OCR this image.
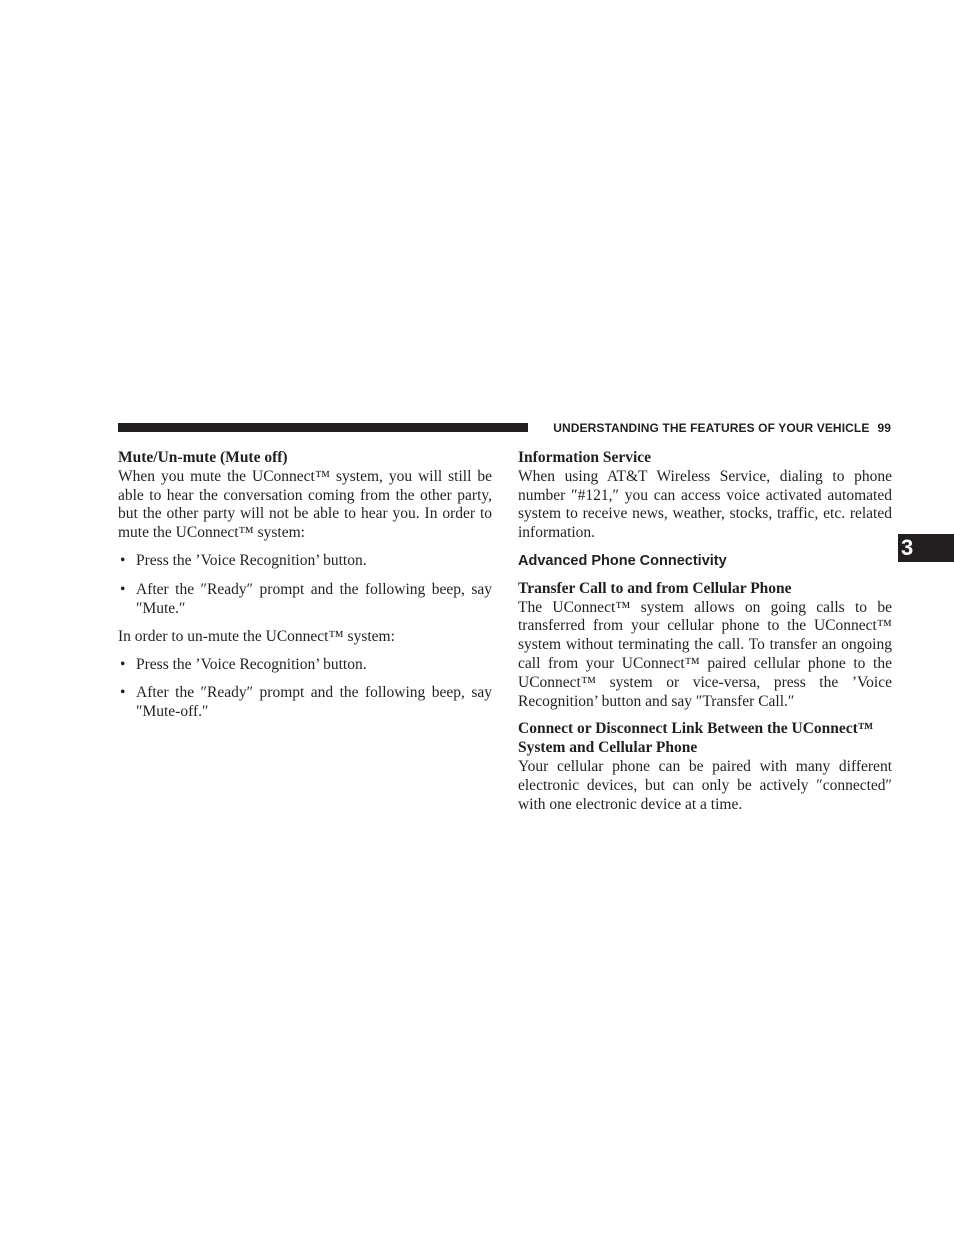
UNDERSTANDING THE FEATURES OF YOUR VEHICLE 99
3

Mute/Un-mute (Mute off)

When you mute the UConnect™ system, you will still be able to hear the conversation coming from the other party, but the other party will not be able to hear you. In order to mute the UConnect™ system:

• Press the ’Voice Recognition’ button.
• After the ″Ready″ prompt and the following beep, say ″Mute.″

In order to un-mute the UConnect™ system:

• Press the ’Voice Recognition’ button.
• After the ″Ready″ prompt and the following beep, say ″Mute-off.″

Information Service

When using AT&T Wireless Service, dialing to phone number ″#121,″ you can access voice activated automated system to receive news, weather, stocks, traffic, etc. related information.

Advanced Phone Connectivity

Transfer Call to and from Cellular Phone

The UConnect™ system allows on going calls to be transferred from your cellular phone to the UConnect™ system without terminating the call. To transfer an ongoing call from your UConnect™ paired cellular phone to the UConnect™ system or vice-versa, press the ’Voice Recognition’ button and say ″Transfer Call.″

Connect or Disconnect Link Between the UConnect™ System and Cellular Phone

Your cellular phone can be paired with many different electronic devices, but can only be actively ″connected″ with one electronic device at a time.
